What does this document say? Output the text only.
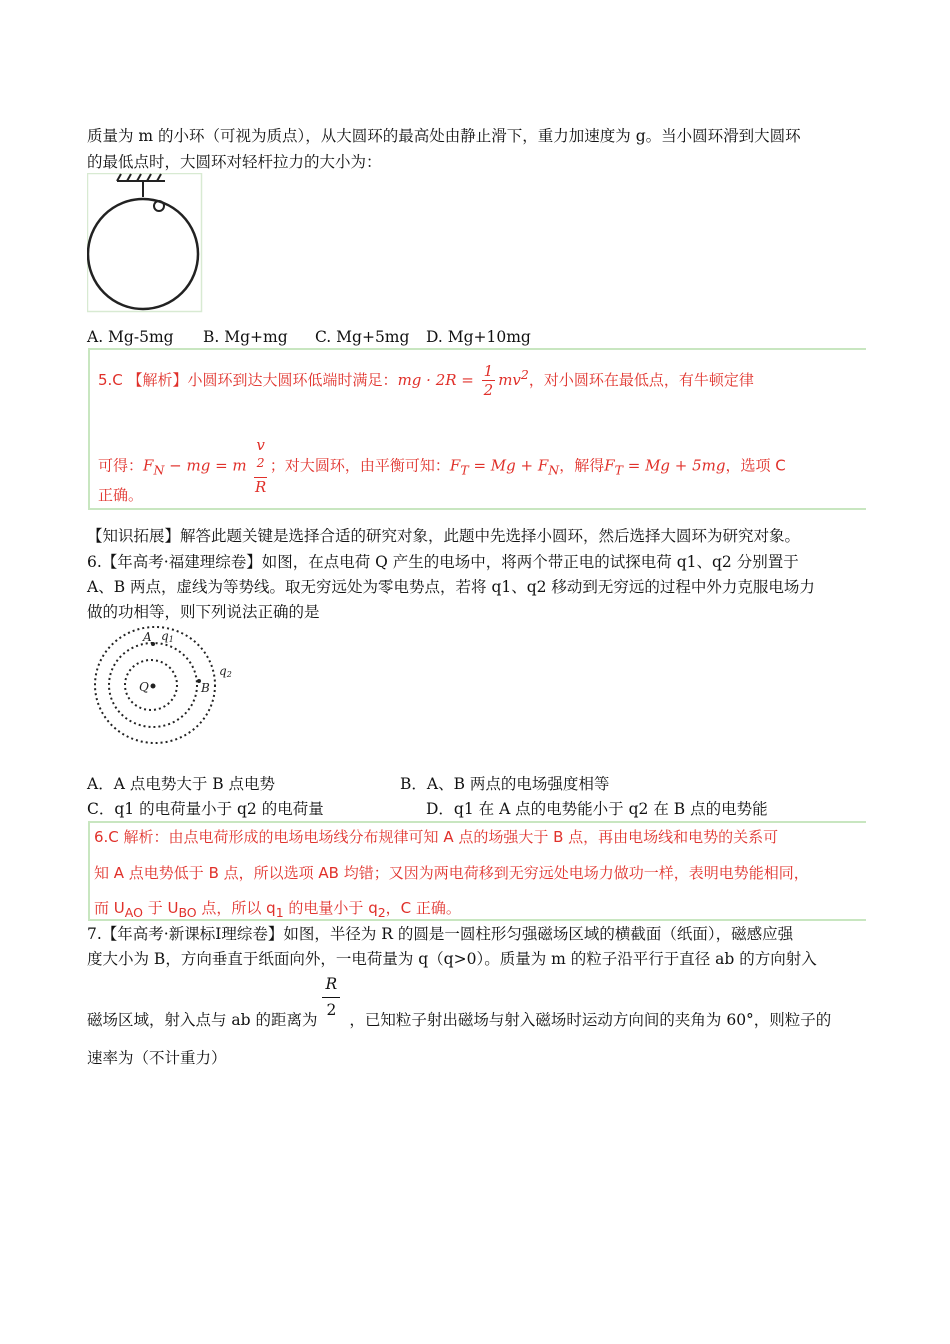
质量为 m 的小环（可视为质点），从大圆环的最高处由静止滑下，重力加速度为 g。当小圆环滑到大圆环
的最低点时，大圆环对轻杆拉力的大小为：
A. Mg-5mg B. Mg+mg C. Mg+5mg D. Mg+10mg
5.C 【解析】小圆环到达大圆环低端时满足：mg · $2R = \frac{1}{2} mv^2$，对小圆环在最低点，有牛顿定律
可得：$F_N$ − mg = m v
$^2$
R ；对大圆环，由平衡可知：$F_T = Mg + F_N$，解得$F_T = Mg + 5mg$，选项 C
正确。
【知识拓展】解答此题关键是选择合适的研究对象，此题中先选择小圆环，然后选择大圆环为研究对象。
6.【年高考·福建理综卷】如图，在点电荷 Q 产生的电场中，将两个带正电的试探电荷 q1、q2 分别置于
A、B 两点，虚线为等势线。取无穷远处为零电势点，若将 q1、q2 移动到无穷远的过程中外力克服电场力
做的功相等，则下列说法正确的是
A q1
Q	B
q2
A．A 点电势大于 B 点电势	B．A、B 两点的电场强度相等
C．q1 的电荷量小于 q2 的电荷量	D．q1 在 A 点的电势能小于 q2 在 B 点的电势能
6.C 解析：由点电荷形成的电场电场线分布规律可知 A 点的场强大于 B 点，再由电场线和电势的关系可
知 A 点电势低于 B 点，所以选项 AB 均错；又因为两电荷移到无穷远处电场力做功一样，表明电势能相同，
而 $U_{AO}$ 于 $U_{BO}$ 点，所以 $q_1$ 的电量小于 $q_2$，C 正确。
7.【年高考·新课标Ⅰ理综卷】如图，半径为 R 的圆是一圆柱形匀强磁场区域的横截面（纸面），磁感应强
度大小为 B，方向垂直于纸面向外，一电荷量为 q（q>0）。质量为 m 的粒子沿平行于直径 ab 的方向射入
磁场区域，射入点与 ab 的距离为 $\frac{R}{2}$ ，已知粒子射出磁场与射入磁场时运动方向间的夹角为 60°，则粒子的
速率为（不计重力）
